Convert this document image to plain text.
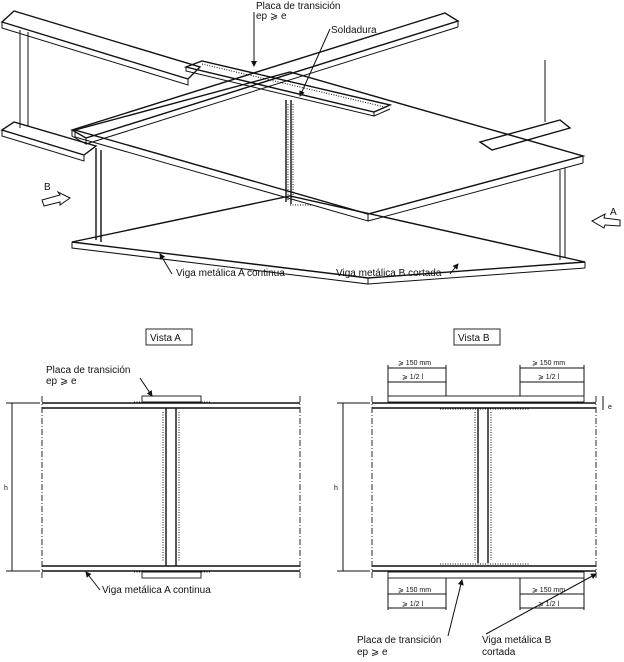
Placa de transición
ep ⩾ e
Soldadura
Viga metálica A continua	Viga metálica B cortada
B
A
Vista A
h
Placa de transición
ep ⩾ e
Viga metálica A continua
Vista B
h
e
⩾ 150 mm
⩾ 1/2 l
⩾ 150 mm
⩾ 1/2 l
⩾ 150 mm
⩾ 1/2 l
⩾ 150 mm
⩾ 1/2 l
Placa de transición
ep ⩾ e
Viga metálica B
cortada
